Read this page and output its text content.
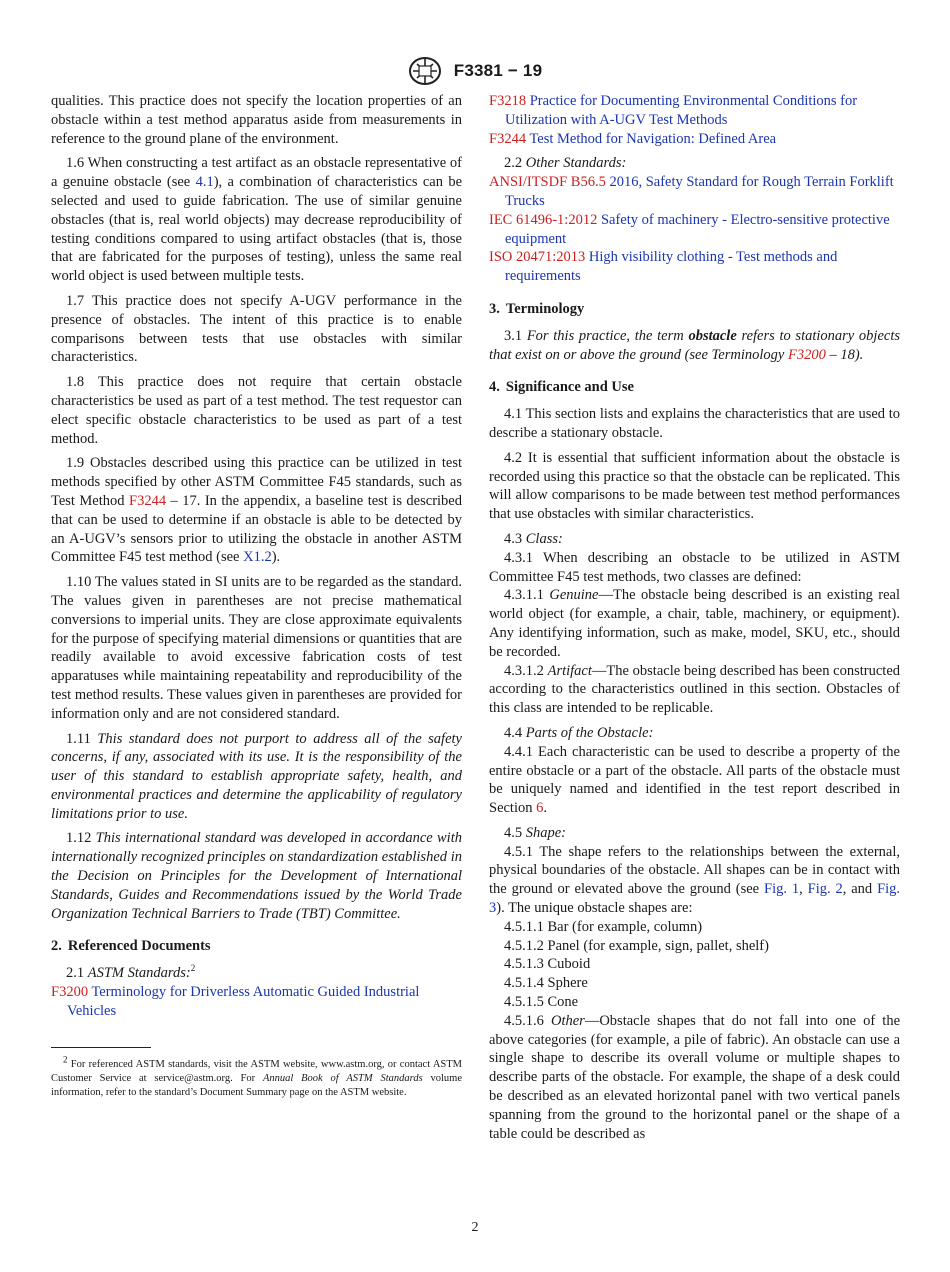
F3381 − 19

qualities. This practice does not specify the location properties of an obstacle within a test method apparatus aside from measurements in reference to the ground plane of the environment.

1.6 When constructing a test artifact as an obstacle representative of a genuine obstacle (see 4.1), a combination of characteristics can be selected and used to guide fabrication. The use of similar genuine obstacles (that is, real world objects) may decrease reproducibility of testing conditions compared to using artifact obstacles (that is, those that are fabricated for the purposes of testing), unless the same real world object is used between multiple tests.

1.7 This practice does not specify A-UGV performance in the presence of obstacles. The intent of this practice is to enable comparisons between tests that use obstacles with similar characteristics.

1.8 This practice does not require that certain obstacle characteristics be used as part of a test method. The test requestor can elect specific obstacle characteristics to be used as part of a test method.

1.9 Obstacles described using this practice can be utilized in test methods specified by other ASTM Committee F45 standards, such as Test Method F3244 – 17. In the appendix, a baseline test is described that can be used to determine if an obstacle is able to be detected by an A-UGV’s sensors prior to utilizing the obstacle in another ASTM Committee F45 test method (see X1.2).

1.10 The values stated in SI units are to be regarded as the standard. The values given in parentheses are not precise mathematical conversions to imperial units. They are close approximate equivalents for the purpose of specifying material dimensions or quantities that are readily available to avoid excessive fabrication costs of test apparatuses while maintaining repeatability and reproducibility of the test method results. These values given in parentheses are provided for information only and are not considered standard.

1.11 This standard does not purport to address all of the safety concerns, if any, associated with its use. It is the responsibility of the user of this standard to establish appropriate safety, health, and environmental practices and determine the applicability of regulatory limitations prior to use.

1.12 This international standard was developed in accordance with internationally recognized principles on standardization established in the Decision on Principles for the Development of International Standards, Guides and Recommendations issued by the World Trade Organization Technical Barriers to Trade (TBT) Committee.

2. Referenced Documents

2.1 ASTM Standards:$^2$

F3200 Terminology for Driverless Automatic Guided Industrial Vehicles

$^2$ For referenced ASTM standards, visit the ASTM website, www.astm.org, or contact ASTM Customer Service at service@astm.org. For Annual Book of ASTM Standards volume information, refer to the standard’s Document Summary page on the ASTM website.

F3218 Practice for Documenting Environmental Conditions for Utilization with A-UGV Test Methods

F3244 Test Method for Navigation: Defined Area

2.2 Other Standards:

ANSI/ITSDF B56.5 2016, Safety Standard for Rough Terrain Forklift Trucks

IEC 61496-1:2012 Safety of machinery - Electro-sensitive protective equipment

ISO 20471:2013 High visibility clothing - Test methods and requirements

3. Terminology

3.1 For this practice, the term obstacle refers to stationary objects that exist on or above the ground (see Terminology F3200 – 18).

4. Significance and Use

4.1 This section lists and explains the characteristics that are used to describe a stationary obstacle.

4.2 It is essential that sufficient information about the obstacle is recorded using this practice so that the obstacle can be replicated. This will allow comparisons to be made between test method performances that use obstacles with similar characteristics.

4.3 Class:

4.3.1 When describing an obstacle to be utilized in ASTM Committee F45 test methods, two classes are defined:

4.3.1.1 Genuine—The obstacle being described is an existing real world object (for example, a chair, table, machinery, or equipment). Any identifying information, such as make, model, SKU, etc., should be recorded.

4.3.1.2 Artifact—The obstacle being described has been constructed according to the characteristics outlined in this section. Obstacles of this class are intended to be replicable.

4.4 Parts of the Obstacle:

4.4.1 Each characteristic can be used to describe a property of the entire obstacle or a part of the obstacle. All parts of the obstacle must be uniquely named and identified in the test report described in Section 6.

4.5 Shape:

4.5.1 The shape refers to the relationships between the external, physical boundaries of the obstacle. All shapes can be in contact with the ground or elevated above the ground (see Fig. 1, Fig. 2, and Fig. 3). The unique obstacle shapes are:

4.5.1.1 Bar (for example, column)

4.5.1.2 Panel (for example, sign, pallet, shelf)

4.5.1.3 Cuboid

4.5.1.4 Sphere

4.5.1.5 Cone

4.5.1.6 Other—Obstacle shapes that do not fall into one of the above categories (for example, a pile of fabric). An obstacle can use a single shape to describe its overall volume or multiple shapes to describe parts of the obstacle. For example, the shape of a desk could be described as an elevated horizontal panel with two vertical panels spanning from the ground to the horizontal panel or the shape of a table could be described as

2
